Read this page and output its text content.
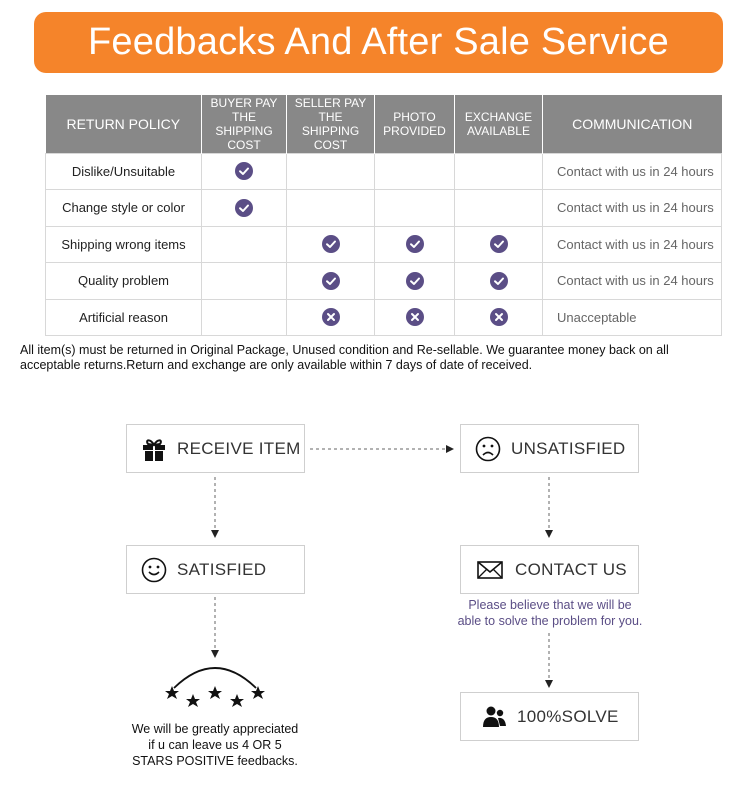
Feedbacks And After Sale Service
RETURN POLICY	BUYER PAY THE SHIPPING COST	SELLER PAY THE SHIPPING COST	PHOTO PROVIDED	EXCHANGE AVAILABLE	COMMUNICATION
Dislike/Unsuitable					Contact with us in 24 hours
Change style or color					Contact with us in 24 hours
Shipping wrong items					Contact with us in 24 hours
Quality problem					Contact with us in 24 hours
Artificial reason					Unacceptable
All item(s) must be returned in Original Package, Unused condition and Re-sellable. We guarantee money back on all acceptable returns.Return and exchange are only available within 7 days of date of received.
RECEIVE ITEM	UNSATISFIED
SATISFIED	CONTACT US
Please believe that we will be
able to solve the problem for you.
100%SOLVE
We will be greatly appreciated
if u can leave us 4 OR 5
STARS POSITIVE feedbacks.
